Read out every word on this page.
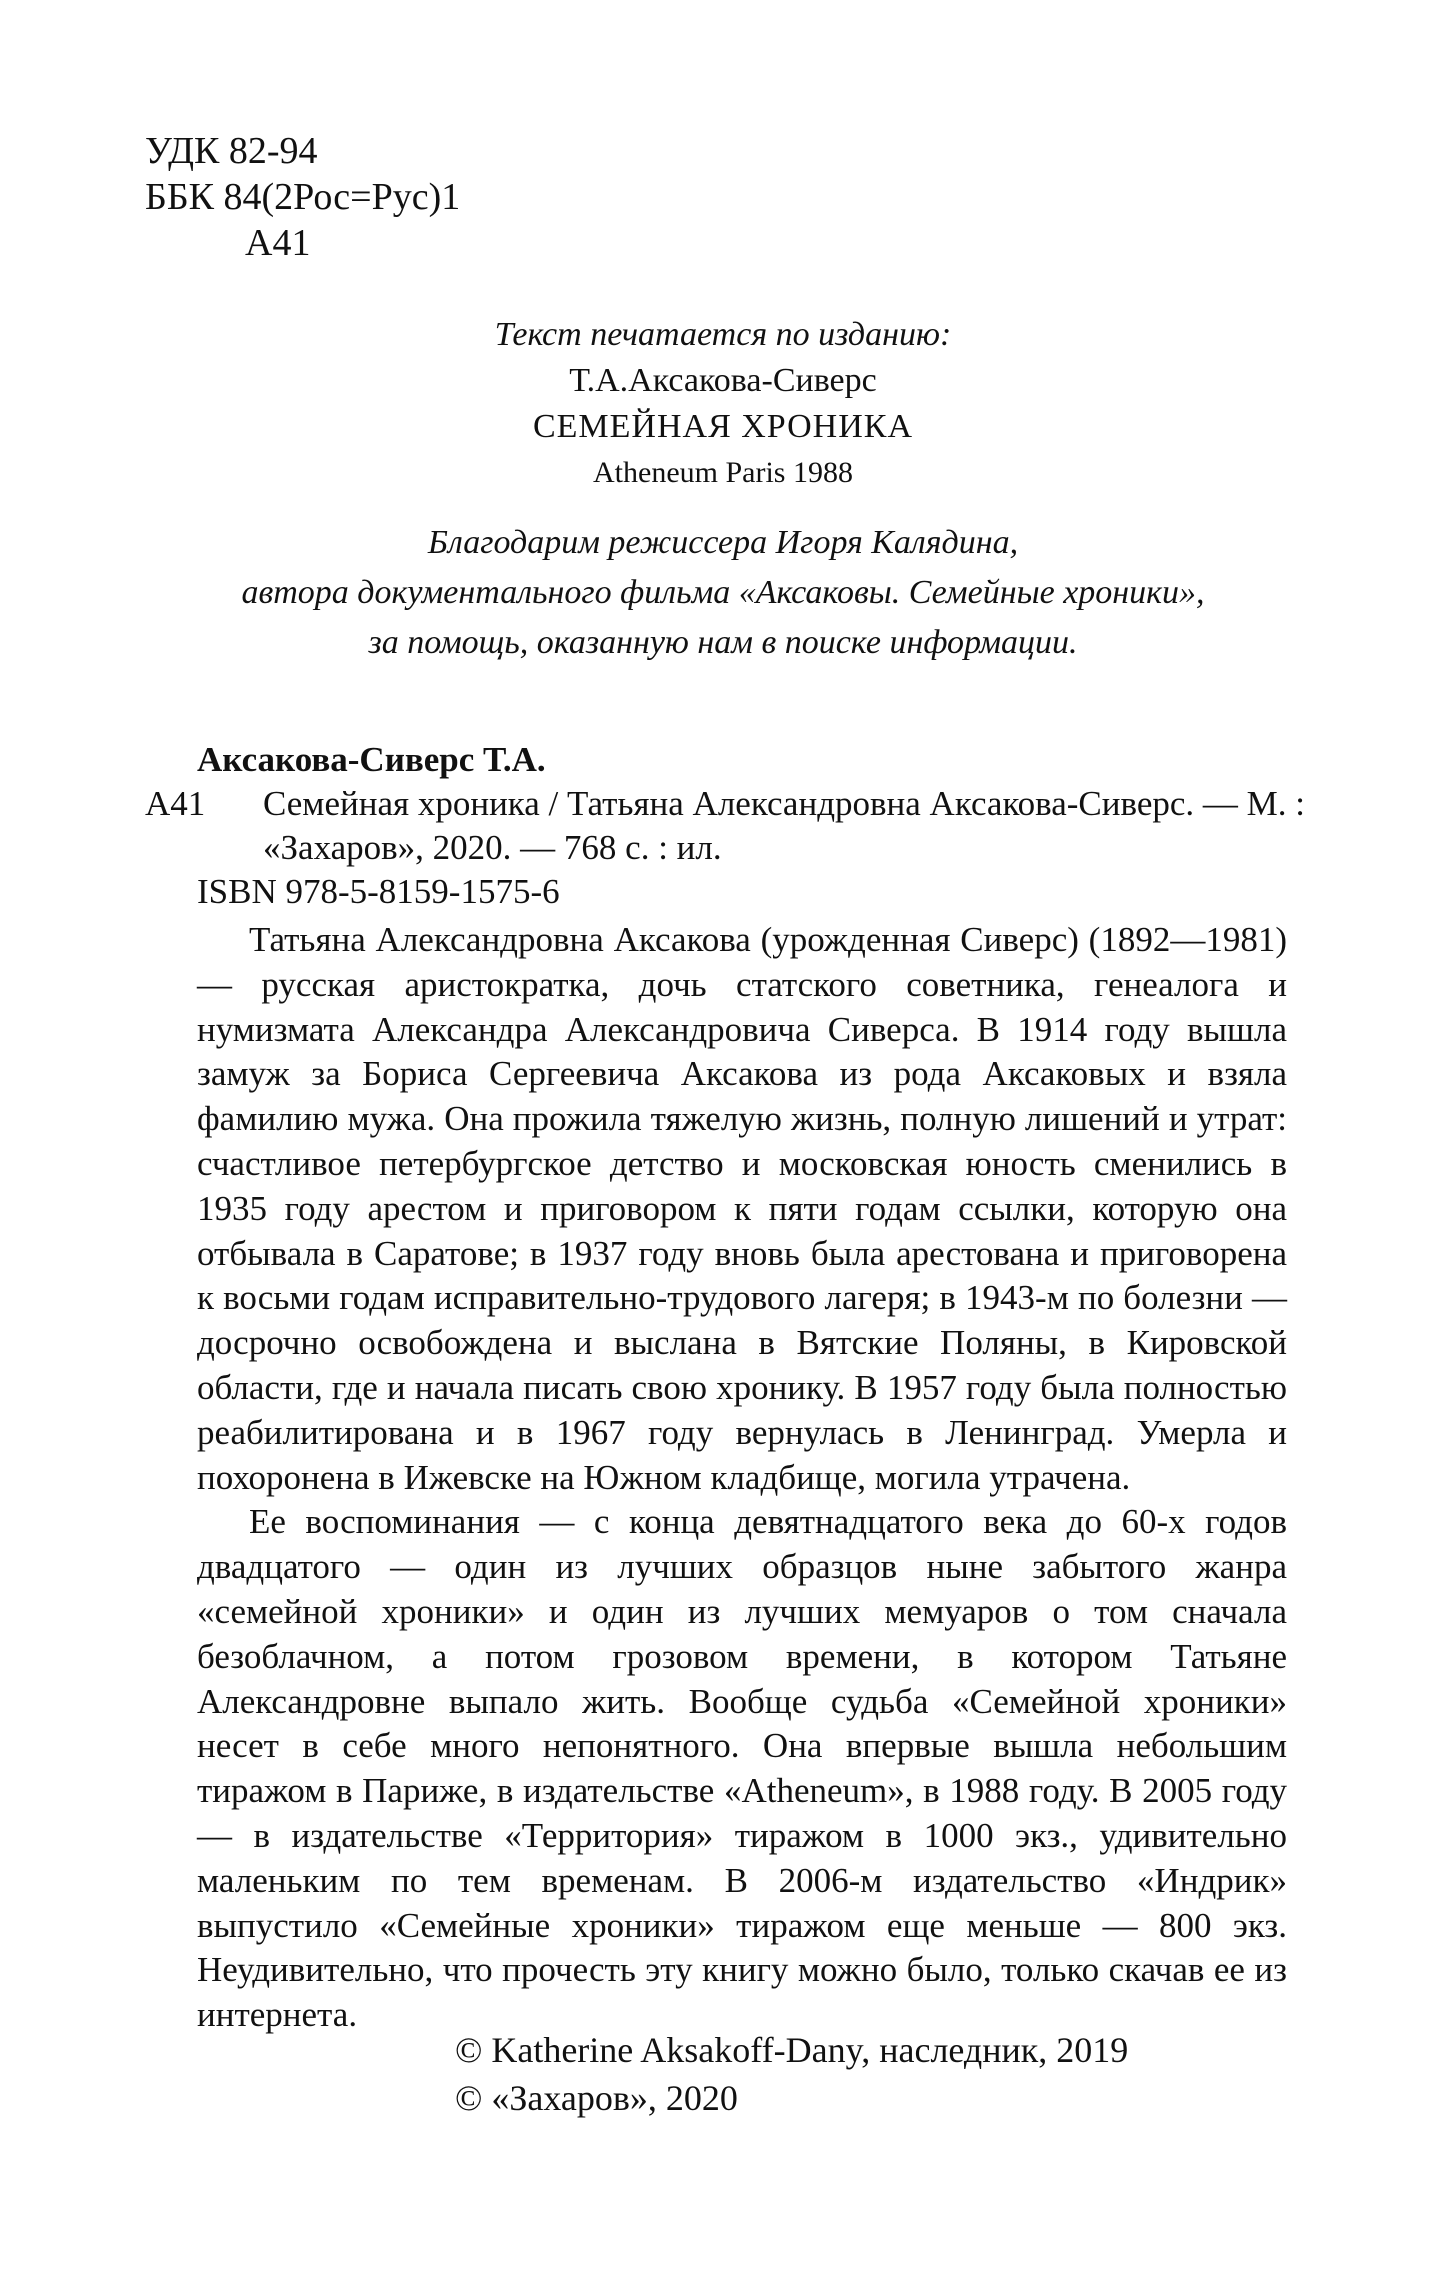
УДК 82-94
ББК 84(2Рос=Рус)1
А41
Текст печатается по изданию:
Т.А.Аксакова-Сиверс
СЕМЕЙНАЯ ХРОНИКА
Atheneum Paris 1988
Благодарим режиссера Игоря Калядина,
автора документального фильма «Аксаковы. Семейные хроники»,
за помощь, оказанную нам в поиске информации.
Аксакова-Сиверс Т.А.
А41	Семейная хроника / Татьяна Александровна Аксакова-Сиверс. — М. : «Захаров», 2020. — 768 с. : ил.
ISBN 978-5-8159-1575-6

Татьяна Александровна Аксакова (урожденная Сиверс) (1892—1981) — русская аристократка, дочь статского советника, генеалога и нумизмата Александра Александровича Сиверса. В 1914 году вышла замуж за Бориса Сергеевича Аксакова из рода Аксаковых и взяла фамилию мужа. Она прожила тяжелую жизнь, полную лишений и утрат: счастливое петербургское детство и московская юность сменились в 1935 году арестом и приговором к пяти годам ссылки, которую она отбывала в Саратове; в 1937 году вновь была арестована и приговорена к восьми годам исправительно-трудового лагеря; в 1943-м по болезни — досрочно освобождена и выслана в Вятские Поляны, в Кировской области, где и начала писать свою хронику. В 1957 году была полностью реабилитирована и в 1967 году вернулась в Ленинград. Умерла и похоронена в Ижевске на Южном кладбище, могила утрачена.

Ее воспоминания — с конца девятнадцатого века до 60-х годов двадцатого — один из лучших образцов ныне забытого жанра «семейной хроники» и один из лучших мемуаров о том сначала безоблачном, а потом грозовом времени, в котором Татьяне Александровне выпало жить. Вообще судьба «Семейной хроники» несет в себе много непонятного. Она впервые вышла небольшим тиражом в Париже, в издательстве «Atheneum», в 1988 году. В 2005 году — в издательстве «Территория» тиражом в 1000 экз., удивительно маленьким по тем временам. В 2006-м издательство «Индрик» выпустило «Семейные хроники» тиражом еще меньше — 800 экз. Неудивительно, что прочесть эту книгу можно было, только скачав ее из интернета.

© Katherine Aksakoff-Dany, наследник, 2019
© «Захаров», 2020
